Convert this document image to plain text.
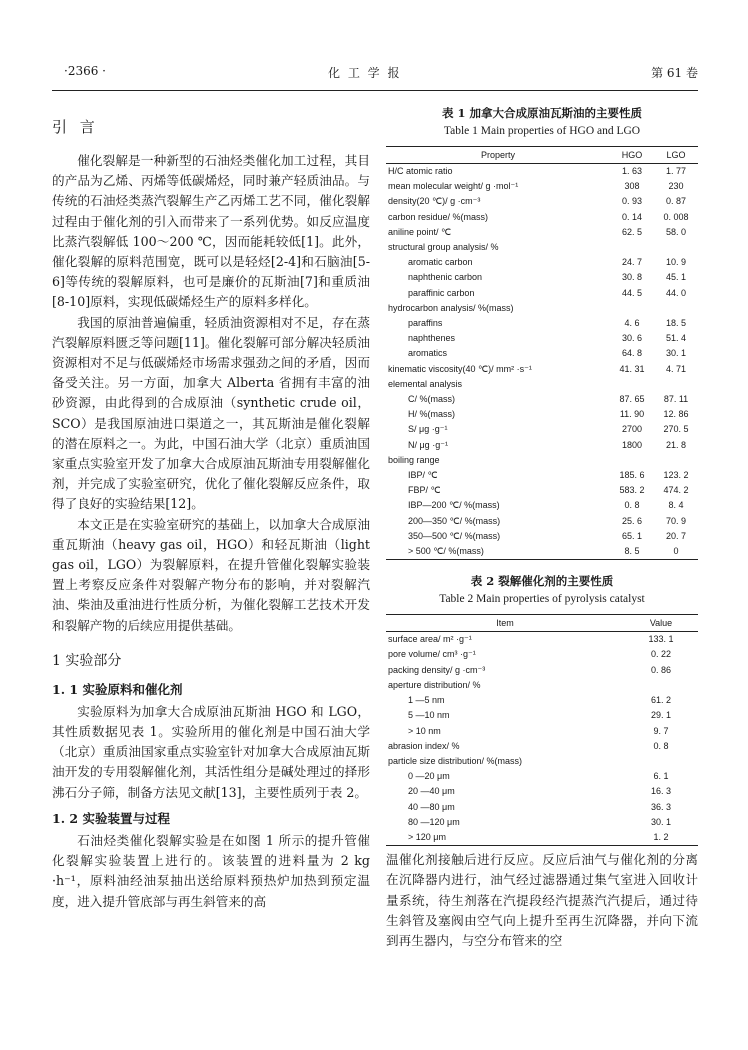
·2366 ·	化 工 学 报	第 61 卷
引 言

催化裂解是一种新型的石油烃类催化加工过程，其目的产品为乙烯、丙烯等低碳烯烃，同时兼产轻质油品。与传统的石油烃类蒸汽裂解生产乙丙烯工艺不同，催化裂解过程由于催化剂的引入而带来了一系列优势。如反应温度比蒸汽裂解低 100～200 ℃，因而能耗较低[1]。此外，催化裂解的原料范围宽，既可以是轻烃[2-4]和石脑油[5-6]等传统的裂解原料，也可是廉价的瓦斯油[7]和重质油[8-10]原料，实现低碳烯烃生产的原料多样化。

我国的原油普遍偏重，轻质油资源相对不足，存在蒸汽裂解原料匮乏等问题[11]。催化裂解可部分解决轻质油资源相对不足与低碳烯烃市场需求强劲之间的矛盾，因而备受关注。另一方面，加拿大 Alberta 省拥有丰富的油砂资源，由此得到的合成原油（synthetic crude oil，SCO）是我国原油进口渠道之一，其瓦斯油是催化裂解的潜在原料之一。为此，中国石油大学（北京）重质油国家重点实验室开发了加拿大合成原油瓦斯油专用裂解催化剂，并完成了实验室研究，优化了催化裂解反应条件，取得了良好的实验结果[12]。

本文正是在实验室研究的基础上，以加拿大合成原油重瓦斯油（heavy gas oil，HGO）和轻瓦斯油（light gas oil，LGO）为裂解原料，在提升管催化裂解实验装置上考察反应条件对裂解产物分布的影响，并对裂解汽油、柴油及重油进行性质分析，为催化裂解工艺技术开发和裂解产物的后续应用提供基础。

1 实验部分
1. 1 实验原料和催化剂

实验原料为加拿大合成原油瓦斯油 HGO 和 LGO，其性质数据见表 1。实验所用的催化剂是中国石油大学（北京）重质油国家重点实验室针对加拿大合成原油瓦斯油开发的专用裂解催化剂，其活性组分是碱处理过的择形沸石分子筛，制备方法见文献[13]，主要性质列于表 2。

1. 2 实验装置与过程

石油烃类催化裂解实验是在如图 1 所示的提升管催化裂解实验装置上进行的。该装置的进料量为 2 kg ·h⁻¹，原料油经油泵抽出送给原料预热炉加热到预定温度，进入提升管底部与再生斜管来的高

表 1 加拿大合成原油瓦斯油的主要性质
Table 1 Main properties of HGO and LGO
Property	HGO	LGO
H/C atomic ratio	1. 63	1. 77
mean molecular weight/ g ·mol⁻¹	308	230
density(20 ℃)/ g ·cm⁻³	0. 93	0. 87
carbon residue/ %(mass)	0. 14	0. 008
aniline point/ ℃	62. 5	58. 0
structural group analysis/ %		
aromatic carbon	24. 7	10. 9
naphthenic carbon	30. 8	45. 1
paraffinic carbon	44. 5	44. 0
hydrocarbon analysis/ %(mass)		
paraffins	4. 6	18. 5
naphthenes	30. 6	51. 4
aromatics	64. 8	30. 1
kinematic viscosity(40 ℃)/ mm² ·s⁻¹	41. 31	4. 71
elemental analysis		
C/ %(mass)	87. 65	87. 11
H/ %(mass)	11. 90	12. 86
S/ μg ·g⁻¹	2700	270. 5
N/ μg ·g⁻¹	1800	21. 8
boiling range		
IBP/ ℃	185. 6	123. 2
FBP/ ℃	583. 2	474. 2
IBP—200 ℃/ %(mass)	0. 8	8. 4
200—350 ℃/ %(mass)	25. 6	70. 9
350—500 ℃/ %(mass)	65. 1	20. 7
> 500 ℃/ %(mass)	8. 5	0
表 2 裂解催化剂的主要性质
Table 2 Main properties of pyrolysis catalyst
Item	Value
surface area/ m² ·g⁻¹	133. 1
pore volume/ cm³ ·g⁻¹	0. 22
packing density/ g ·cm⁻³	0. 86
aperture distribution/ %	
1 —5 nm	61. 2
5 —10 nm	29. 1
> 10 nm	9. 7
abrasion index/ %	0. 8
particle size distribution/ %(mass)	
0 —20 μm	6. 1
20 —40 μm	16. 3
40 —80 μm	36. 3
80 —120 μm	30. 1
> 120 μm	1. 2
温催化剂接触后进行反应。反应后油气与催化剂的分离在沉降器内进行，油气经过滤器通过集气室进入回收计量系统，待生剂落在汽提段经汽提蒸汽汽提后，通过待生斜管及塞阀由空气向上提升至再生沉降器，并向下流到再生器内，与空分布管来的空
